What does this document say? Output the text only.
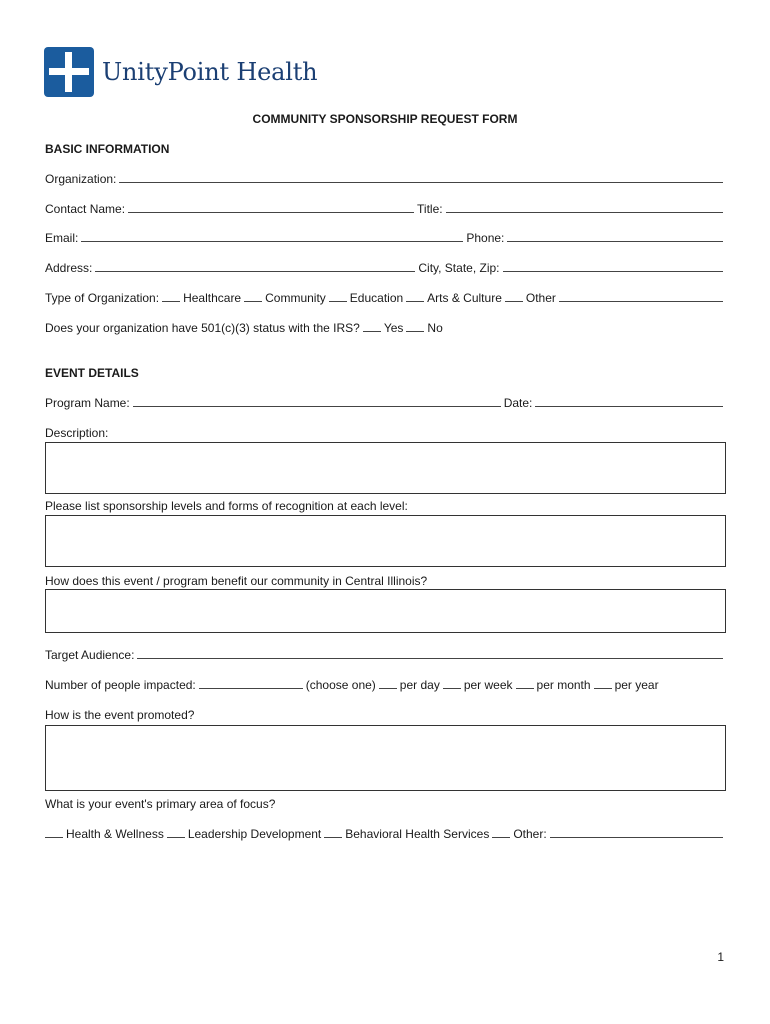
UnityPoint Health
COMMUNITY SPONSORSHIP REQUEST FORM
BASIC INFORMATION
Organization:
Contact Name:	Title:
Email:	Phone:
Address:	City, State, Zip:
Type of Organization: Healthcare Community Education Arts & Culture Other
Does your organization have 501(c)(3) status with the IRS? Yes No
EVENT DETAILS
Program Name:	Date:
Description:
Please list sponsorship levels and forms of recognition at each level:
How does this event / program benefit our community in Central Illinois?
Target Audience:
Number of people impacted:	(choose one) per day per week per month per year
How is the event promoted?
What is your event's primary area of focus?
Health & Wellness Leadership Development Behavioral Health Services Other:
1
